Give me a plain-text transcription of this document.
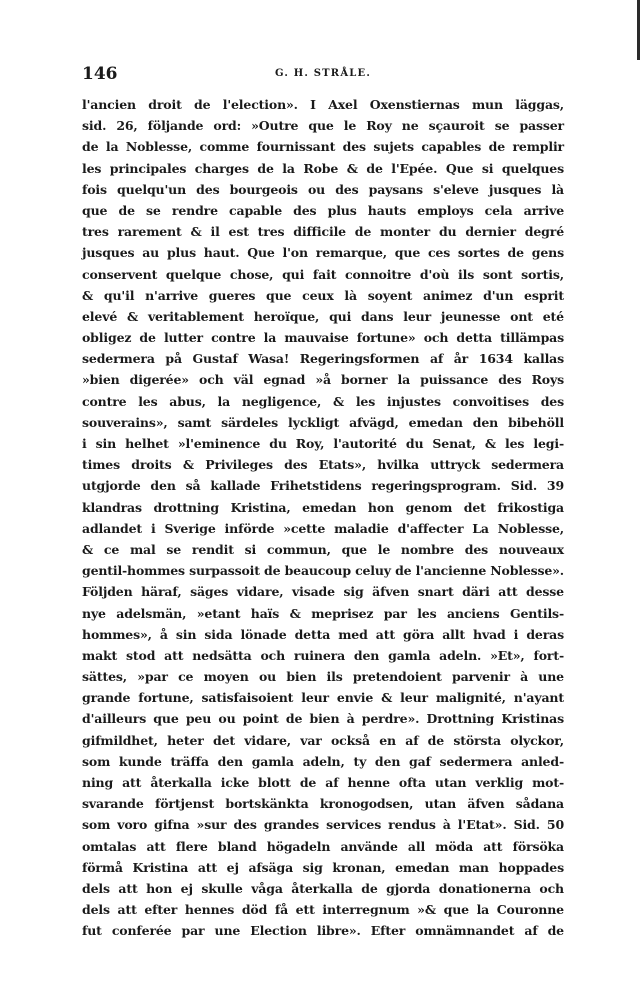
146	G. H. STRÅLE.
l'ancien droit de l'election». I Axel Oxenstiernas mun läggas,
sid. 26, följande ord: »Outre que le Roy ne sçauroit se passer
de la Noblesse, comme fournissant des sujets capables de remplir
les principales charges de la Robe & de l'Epée. Que si quelques
fois quelqu'un des bourgeois ou des paysans s'eleve jusques là
que de se rendre capable des plus hauts employs cela arrive
tres rarement & il est tres difficile de monter du dernier degré
jusques au plus haut. Que l'on remarque, que ces sortes de gens
conservent quelque chose, qui fait connoitre d'où ils sont sortis,
& qu'il n'arrive gueres que ceux là soyent animez d'un esprit
elevé & veritablement heroïque, qui dans leur jeunesse ont eté
obligez de lutter contre la mauvaise fortune» och detta tillämpas
sedermera på Gustaf Wasa! Regeringsformen af år 1634 kallas
»bien digerée» och väl egnad »å borner la puissance des Roys
contre les abus, la negligence, & les injustes convoitises des
souverains», samt särdeles lyckligt afvägd, emedan den bibehöll
i sin helhet »l'eminence du Roy, l'autorité du Senat, & les legi-
times droits & Privileges des Etats», hvilka uttryck sedermera
utgjorde den så kallade Frihetstidens regeringsprogram. Sid. 39
klandras drottning Kristina, emedan hon genom det frikostiga
adlandet i Sverige införde »cette maladie d'affecter La Noblesse,
& ce mal se rendit si commun, que le nombre des nouveaux
gentil-hommes surpassoit de beaucoup celuy de l'ancienne Noblesse».
Följden häraf, säges vidare, visade sig äfven snart däri att desse
nye adelsmän, »etant haïs & meprisez par les anciens Gentils-
hommes», å sin sida lönade detta med att göra allt hvad i deras
makt stod att nedsätta och ruinera den gamla adeln. »Et», fort-
sättes, »par ce moyen ou bien ils pretendoient parvenir à une
grande fortune, satisfaisoient leur envie & leur malignité, n'ayant
d'ailleurs que peu ou point de bien à perdre». Drottning Kristinas
gifmildhet, heter det vidare, var också en af de största olyckor,
som kunde träffa den gamla adeln, ty den gaf sedermera anled-
ning att återkalla icke blott de af henne ofta utan verklig mot-
svarande förtjenst bortskänkta kronogodsen, utan äfven sådana
som voro gifna »sur des grandes services rendus à l'Etat». Sid. 50
omtalas att flere bland högadeln använde all möda att försöka
förmå Kristina att ej afsäga sig kronan, emedan man hoppades
dels att hon ej skulle våga återkalla de gjorda donationerna och
dels att efter hennes död få ett interregnum »& que la Couronne
fut conferée par une Election libre». Efter omnämnandet af de
